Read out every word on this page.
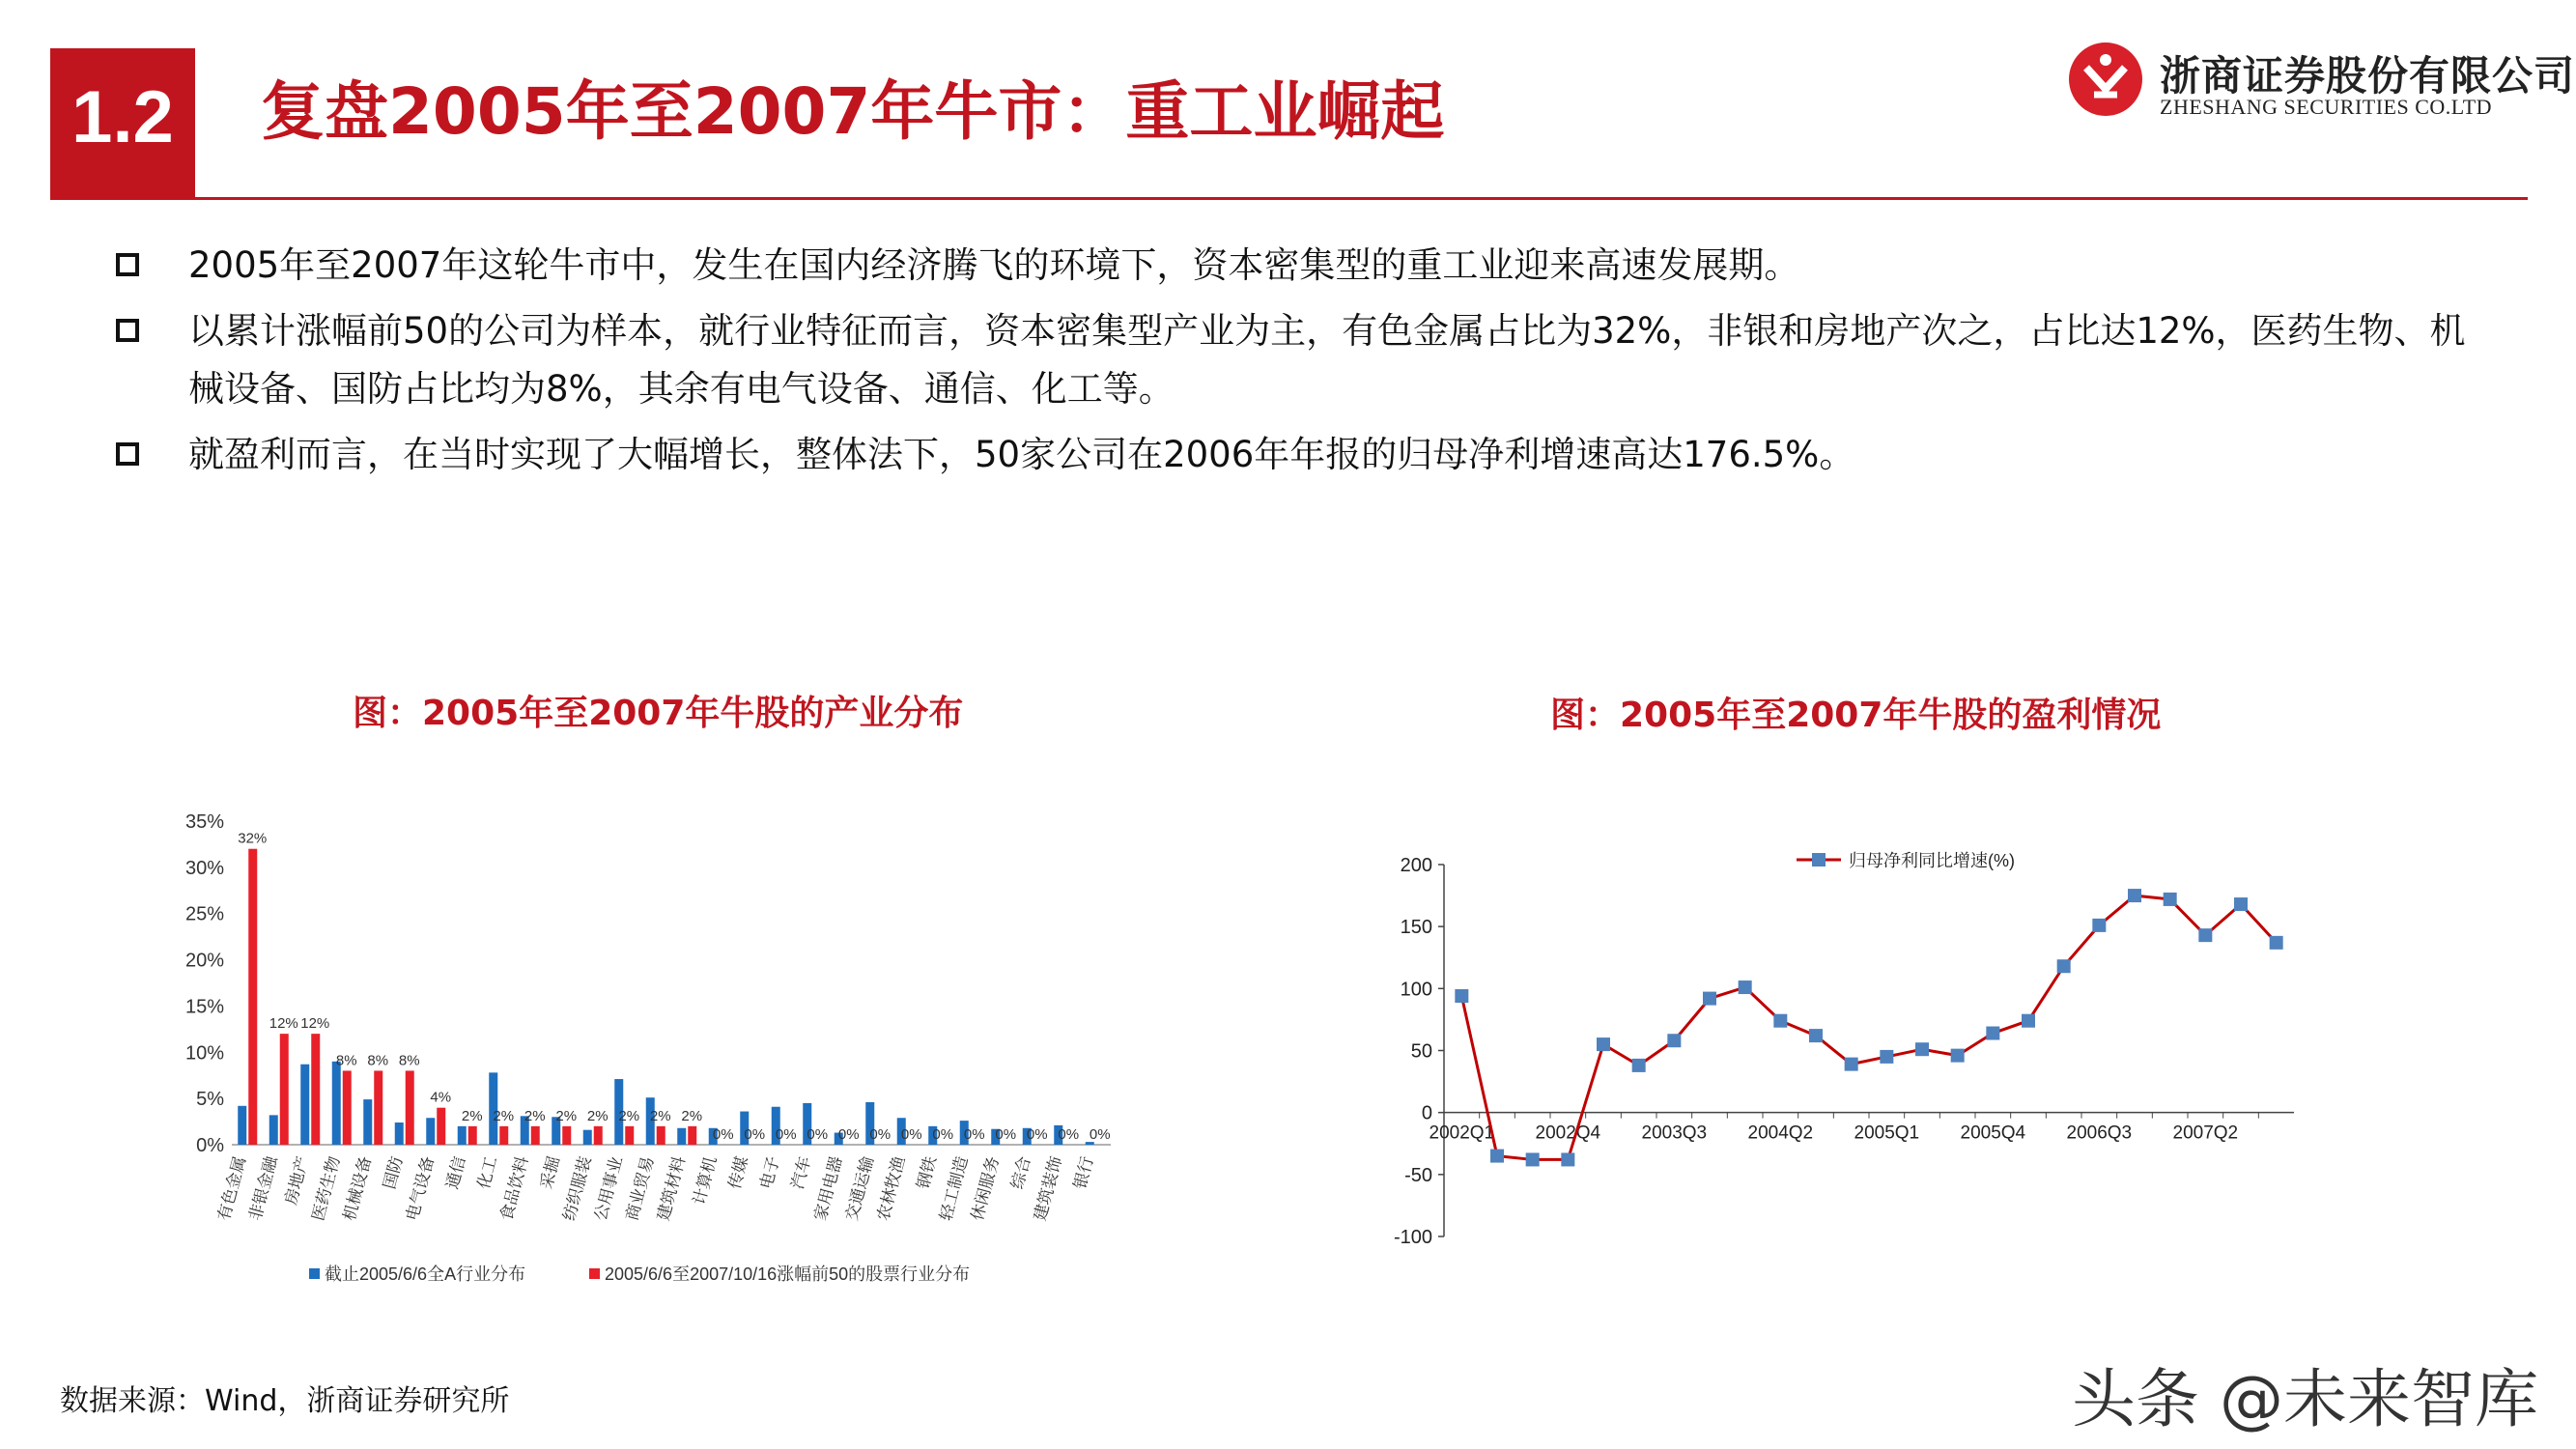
1.2	复盘2005年至2007年牛市：重工业崛起	浙商证券股份有限公司
ZHESHANG SECURITIES CO.LTD
2005年至2007年这轮牛市中，发生在国内经济腾飞的环境下，资本密集型的重工业迎来高速发展期。
以累计涨幅前50的公司为样本，就行业特征而言，资本密集型产业为主，有色金属占比为32%，非银和房地产次之，占比达12%，医药生物、机械设备、国防占比均为8%，其余有电气设备、通信、化工等。
就盈利而言，在当时实现了大幅增长，整体法下，50家公司在2006年年报的归母净利增速高达176.5%。
图：2005年至2007年牛股的产业分布	图：2005年至2007年牛股的盈利情况
0%
5%
10%
15%
20%
25%
30%
35%
32%
有色金属
12%
非银金融
12%
房地产
8%
医药生物
8%
机械设备
8%
国防
4%
电气设备
2%
通信
2%
化工
2%
食品饮料
2%
采掘
2%
纺织服装
2%
公用事业
2%
商业贸易
2%
建筑材料
0%
计算机
0%
传媒
0%
电子
0%
汽车
0%
家用电器
0%
交通运输
0%
农林牧渔
0%
钢铁
0%
轻工制造
0%
休闲服务
0%
综合
0%
建筑装饰
0%
银行
截止2005/6/6全A行业分布	2005/6/6至2007/10/16涨幅前50的股票行业分布
-100
-50
0
50
100
150
200
2002Q1 2002Q4 2003Q3 2004Q2 2005Q1 2005Q4 2006Q3 2007Q2
归母净利同比增速(%)
数据来源：Wind，浙商证券研究所	头条 @未来智库
